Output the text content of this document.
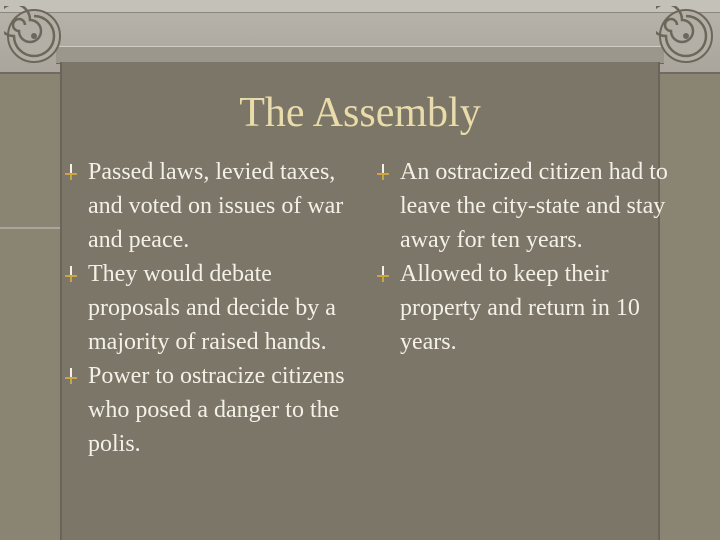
The Assembly
Passed laws, levied taxes, and voted on issues of war and peace.
They would debate proposals and decide by a majority of raised hands.
Power to ostracize citizens who posed a danger to the polis.
An ostracized citizen had to leave the city-state and stay away for ten years.
Allowed to keep their property and return in 10 years.
